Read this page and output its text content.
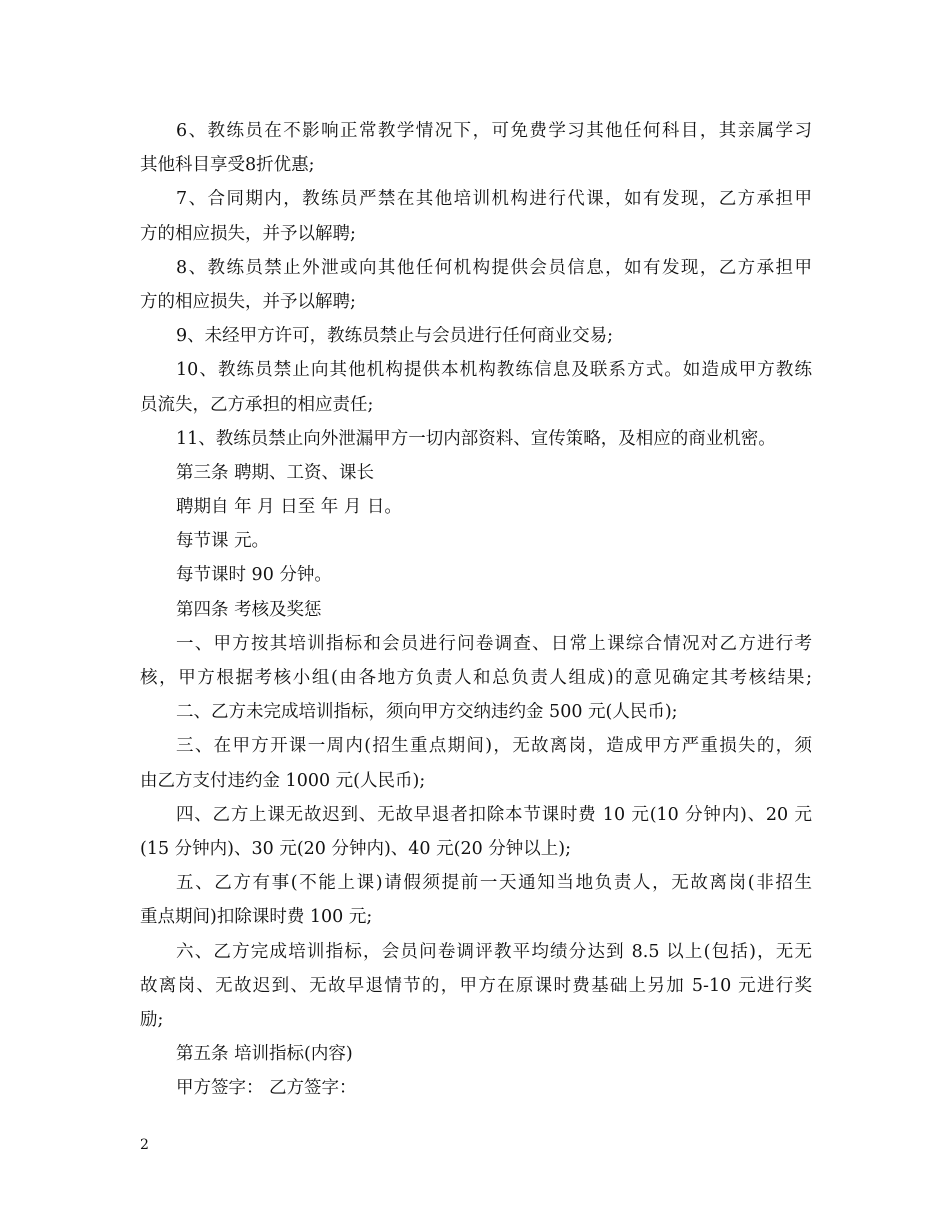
6、教练员在不影响正常教学情况下，可免费学习其他任何科目，其亲属学习
其他科目享受8折优惠;
7、合同期内，教练员严禁在其他培训机构进行代课，如有发现，乙方承担甲
方的相应损失，并予以解聘;
8、教练员禁止外泄或向其他任何机构提供会员信息，如有发现，乙方承担甲
方的相应损失，并予以解聘;
9、未经甲方许可，教练员禁止与会员进行任何商业交易;
10、教练员禁止向其他机构提供本机构教练信息及联系方式。如造成甲方教练
员流失，乙方承担的相应责任;
11、教练员禁止向外泄漏甲方一切内部资料、宣传策略，及相应的商业机密。
第三条 聘期、工资、课长
聘期自 年 月 日至 年 月 日。
每节课 元。
每节课时 90 分钟。
第四条 考核及奖惩
一、甲方按其培训指标和会员进行问卷调查、日常上课综合情况对乙方进行考
核，甲方根据考核小组(由各地方负责人和总负责人组成)的意见确定其考核结果;
二、乙方未完成培训指标，须向甲方交纳违约金 500 元(人民币);
三、在甲方开课一周内(招生重点期间)，无故离岗，造成甲方严重损失的，须
由乙方支付违约金 1000 元(人民币);
四、乙方上课无故迟到、无故早退者扣除本节课时费 10 元(10 分钟内)、20 元
(15 分钟内)、30 元(20 分钟内)、40 元(20 分钟以上);
五、乙方有事(不能上课)请假须提前一天通知当地负责人，无故离岗(非招生
重点期间)扣除课时费 100 元;
六、乙方完成培训指标，会员问卷调评教平均绩分达到 8.5 以上(包括)，无无
故离岗、无故迟到、无故早退情节的，甲方在原课时费基础上另加 5-10 元进行奖
励;
第五条 培训指标(内容)
甲方签字： 乙方签字：
2
